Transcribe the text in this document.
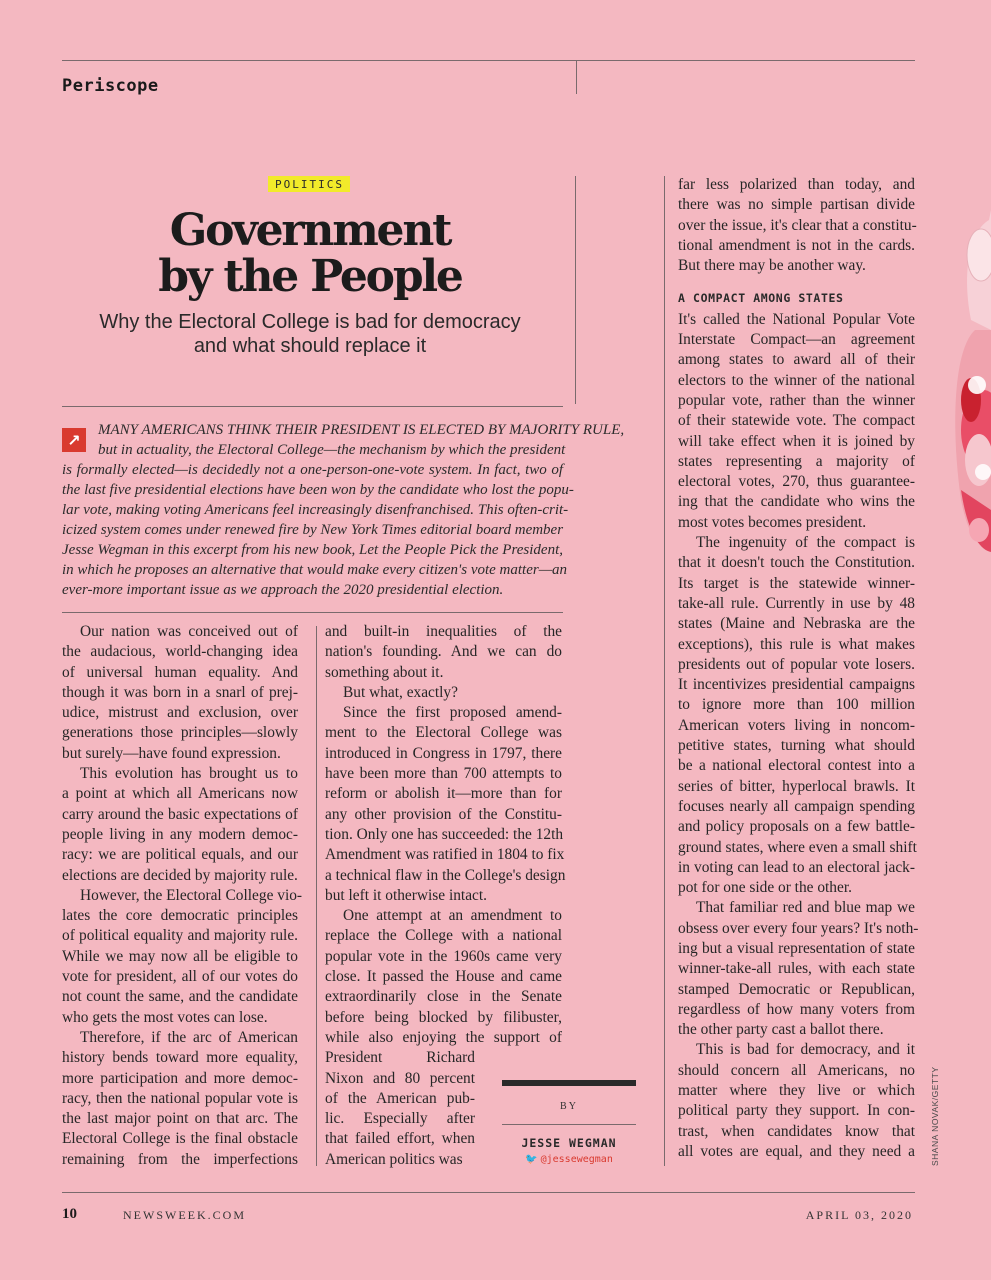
Periscope
POLITICS
Government
by the People
Why the Electoral College is bad for democracy
and what should replace it
↗
MANY AMERICANS THINK THEIR PRESIDENT IS ELECTED BY MAJORITY RULE,
but in actuality, the Electoral College—the mechanism by which the president
is formally elected—is decidedly not a one-person-one-vote system. In fact, two of
the last five presidential elections have been won by the candidate who lost the popu-
lar vote, making voting Americans feel increasingly disenfranchised. This often-crit-
icized system comes under renewed fire by New York Times editorial board member
Jesse Wegman in this excerpt from his new book, Let the People Pick the President,
in which he proposes an alternative that would make every citizen's vote matter—an
ever-more important issue as we approach the 2020 presidential election.
Our nation was conceived out of
the audacious, world-changing idea
of universal human equality. And
though it was born in a snarl of prej-
udice, mistrust and exclusion, over
generations those principles—slowly
but surely—have found expression.
This evolution has brought us to
a point at which all Americans now
carry around the basic expectations of
people living in any modern democ-
racy: we are political equals, and our
elections are decided by majority rule.
However, the Electoral College vio-
lates the core democratic principles
of political equality and majority rule.
While we may now all be eligible to
vote for president, all of our votes do
not count the same, and the candidate
who gets the most votes can lose.
Therefore, if the arc of American
history bends toward more equality,
more participation and more democ-
racy, then the national popular vote is
the last major point on that arc. The
Electoral College is the final obstacle
remaining from the imperfections
and built-in inequalities of the
nation's founding. And we can do
something about it.
But what, exactly?
Since the first proposed amend-
ment to the Electoral College was
introduced in Congress in 1797, there
have been more than 700 attempts to
reform or abolish it—more than for
any other provision of the Constitu-
tion. Only one has succeeded: the 12th
Amendment was ratified in 1804 to fix
a technical flaw in the College's design
but left it otherwise intact.
One attempt at an amendment to
replace the College with a national
popular vote in the 1960s came very
close. It passed the House and came
extraordinarily close in the Senate
before being blocked by filibuster,
while also enjoying the support of
President Richard
Nixon and 80 percent
of the American pub-
lic. Especially after
that failed effort, when
American politics was
BY
JESSE WEGMAN
🐦 @jessewegman
far less polarized than today, and
there was no simple partisan divide
over the issue, it's clear that a constitu-
tional amendment is not in the cards.
But there may be another way.
A COMPACT AMONG STATES
It's called the National Popular Vote
Interstate Compact—an agreement
among states to award all of their
electors to the winner of the national
popular vote, rather than the winner
of their statewide vote. The compact
will take effect when it is joined by
states representing a majority of
electoral votes, 270, thus guarantee-
ing that the candidate who wins the
most votes becomes president.
The ingenuity of the compact is
that it doesn't touch the Constitution.
Its target is the statewide winner-
take-all rule. Currently in use by 48
states (Maine and Nebraska are the
exceptions), this rule is what makes
presidents out of popular vote losers.
It incentivizes presidential campaigns
to ignore more than 100 million
American voters living in noncom-
petitive states, turning what should
be a national electoral contest into a
series of bitter, hyperlocal brawls. It
focuses nearly all campaign spending
and policy proposals on a few battle-
ground states, where even a small shift
in voting can lead to an electoral jack-
pot for one side or the other.
That familiar red and blue map we
obsess over every four years? It's noth-
ing but a visual representation of state
winner-take-all rules, with each state
stamped Democratic or Republican,
regardless of how many voters from
the other party cast a ballot there.
This is bad for democracy, and it
should concern all Americans, no
matter where they live or which
political party they support. In con-
trast, when candidates know that
all votes are equal, and they need a SHANA NOVAK/GETTY
10	NEWSWEEK.COM	APRIL 03, 2020
